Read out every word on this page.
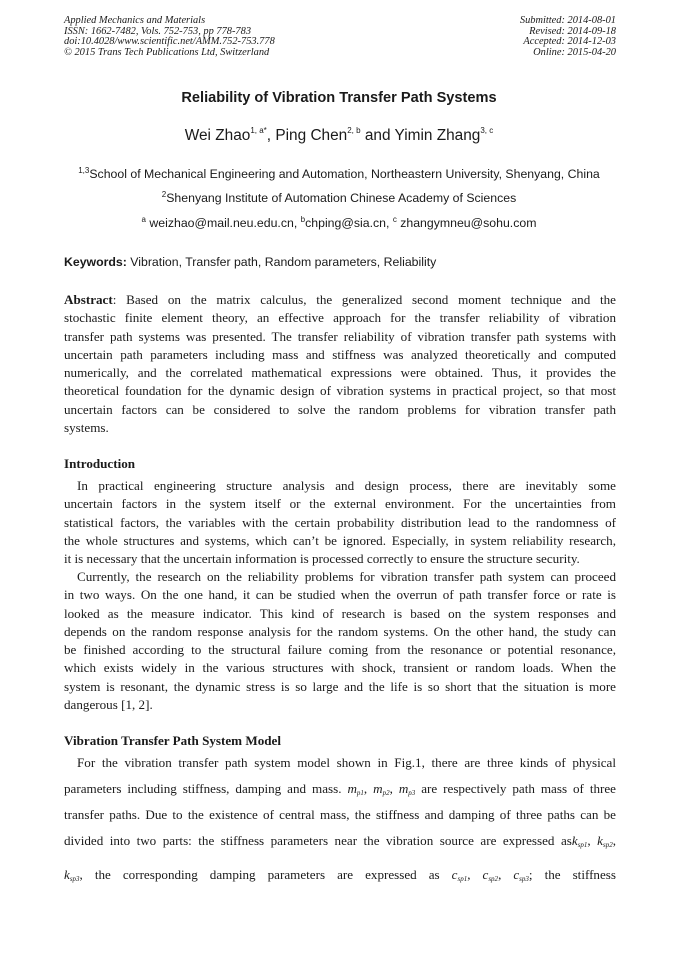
Applied Mechanics and Materials
ISSN: 1662-7482, Vols. 752-753, pp 778-783
doi:10.4028/www.scientific.net/AMM.752-753.778
© 2015 Trans Tech Publications Ltd, Switzerland
Submitted: 2014-08-01
Revised: 2014-09-18
Accepted: 2014-12-03
Online: 2015-04-20
Reliability of Vibration Transfer Path Systems
Wei Zhao$^{1, a*}$, Ping Chen$^{2, b}$ and Yimin Zhang$^{3, c}$
$^{1,3}$School of Mechanical Engineering and Automation, Northeastern University, Shenyang, China
$^2$Shenyang Institute of Automation Chinese Academy of Sciences
$^a$ weizhao@mail.neu.edu.cn, $^b$chping@sia.cn, $^c$ zhangymneu@sohu.com
Keywords: Vibration, Transfer path, Random parameters, Reliability
Abstract: Based on the matrix calculus, the generalized second moment technique and the
stochastic finite element theory, an effective approach for the transfer reliability of vibration
transfer path systems was presented. The transfer reliability of vibration transfer path systems with
uncertain path parameters including mass and stiffness was analyzed theoretically and computed
numerically, and the correlated mathematical expressions were obtained. Thus, it provides the
theoretical foundation for the dynamic design of vibration systems in practical project, so that most
uncertain factors can be considered to solve the random problems for vibration transfer path
systems.
Introduction
In practical engineering structure analysis and design process, there are inevitably some
uncertain factors in the system itself or the external environment. For the uncertainties from
statistical factors, the variables with the certain probability distribution lead to the randomness of
the whole structures and systems, which can’t be ignored. Especially, in system reliability research,
it is necessary that the uncertain information is processed correctly to ensure the structure security.
Currently, the research on the reliability problems for vibration transfer path system can proceed
in two ways. On the one hand, it can be studied when the overrun of path transfer force or rate is
looked as the measure indicator. This kind of research is based on the system responses and
depends on the random response analysis for the random systems. On the other hand, the study can
be finished according to the structural failure coming from the resonance or potential resonance,
which exists widely in the various structures with shock, transient or random loads. When the
system is resonant, the dynamic stress is so large and the life is so short that the situation is more
dangerous [1, 2].
Vibration Transfer Path System Model
For the vibration transfer path system model shown in Fig.1, there are three kinds of physical
parameters including stiffness, damping and mass. $m_{p1}$, $m_{p2}$, $m_{p3}$ are respectively path mass of three
transfer paths. Due to the existence of central mass, the stiffness and damping of three paths can be
divided into two parts: the stiffness parameters near the vibration source are expressed ask$_{sp1}$, $k_{sp2}$,
$k_{sp3}$, the corresponding damping parameters are expressed as $c_{sp1}$, $c_{sp2}$, $c_{sp3}$; the stiffness
